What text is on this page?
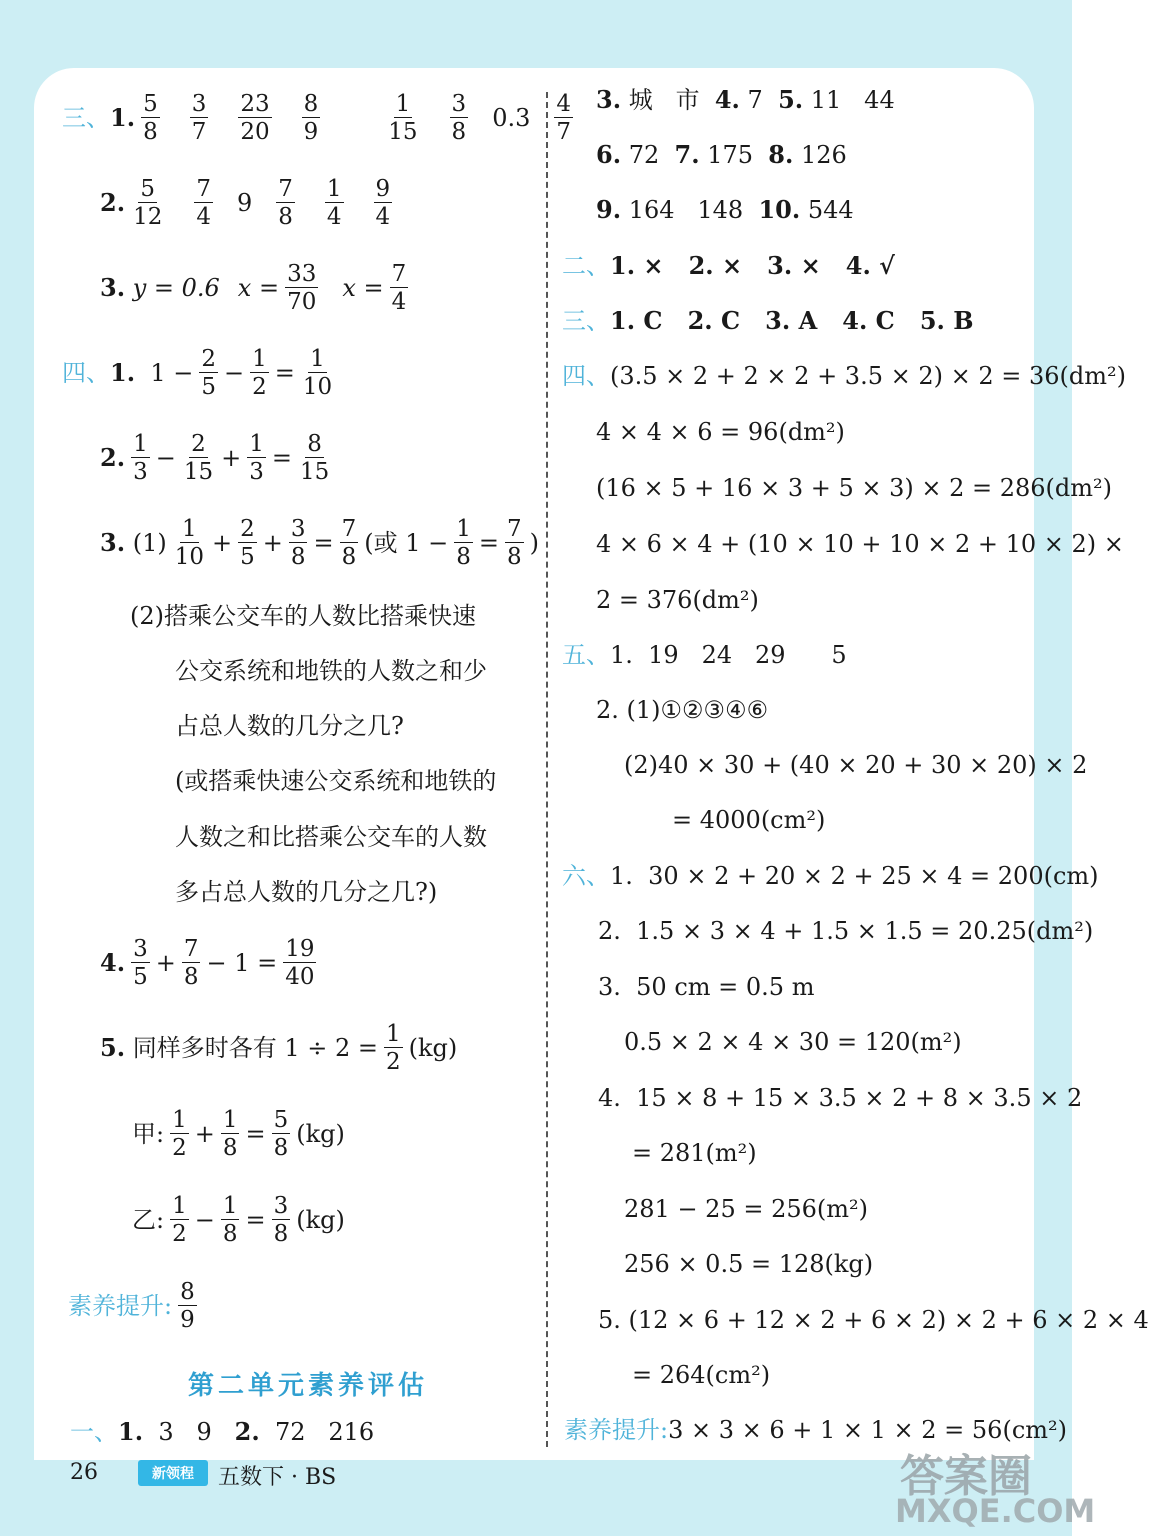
三、 1. 5
8
3
7
23
20
8
9
1
15
3
8 0.3
4
7
2. 5
12
7
4 9
7
8
1
4
9
4
3.
y = 0.6 $x = \frac{33}{70}$ $x = \frac{7}{4}$
四、 1.
$1 - \frac{2}{5} - \frac{1}{2} = \frac{1}{10}$
2. 1
$3 - \frac{2}{15} + \frac{1}{3} = \frac{8}{15}$
3.
(1)
1
$10 + \frac{2}{5} + \frac{3}{8} = \frac{7}{8}$ (或 $1 - \frac{1}{8} = \frac{7}{8}$ )
(2)搭乘公交车的人数比搭乘快速
公交系统和地铁的人数之和少
占总人数的几分之几?
(或搭乘快速公交系统和地铁的
人数之和比搭乘公交车的人数
多占总人数的几分之几?)
4. 3
$5 + \frac{7}{8} - 1 = \frac{19}{40}$
5.
同样多时各有 $1 \div 2 = \frac{1}{2} (kg)$
甲:
1
$2 + \frac{1}{8} = \frac{5}{8} (kg)$
乙:
1
$2 - \frac{1}{8} = \frac{3}{8} (kg)$
素养提升:
8
9
第二单元素养评估
一、 1.
3   9 2.
72   216
3. 城   市 4. 7 5. 11   44
6. 72 7. 175 8. 126
9. 164   148 10. 544
二、 1. ×   2. ×   3. ×   4. √
三、 1. C   2. C   3. A   4. C   5. B
四、 (3.5 × 2 + 2 × 2 + 3.5 × 2) × 2 = 36(dm²)
4 × 4 × 6 = 96(dm²)
(16 × 5 + 16 × 3 + 5 × 3) × 2 = 286(dm²)
4 × 6 × 4 + (10 × 10 + 10 × 2 + 10 × 2) ×
2 = 376(dm²)
五、 1.  19   24   29      5
2. (1)①②③④⑥
(2)40 × 30 + (40 × 20 + 30 × 20) × 2
= 4000(cm²)
六、 1.  30 × 2 + 20 × 2 + 25 × 4 = 200(cm)
2.  1.5 × 3 × 4 + 1.5 × 1.5 = 20.25(dm²)
3.  50 cm = 0.5 m
0.5 × 2 × 4 × 30 = 120(m²)
4.  15 × 8 + 15 × 3.5 × 2 + 8 × 3.5 × 2
= 281(m²)
281 − 25 = 256(m²)
256 × 0.5 = 128(kg)
5. (12 × 6 + 12 × 2 + 6 × 2) × 2 + 6 × 2 × 4
= 264(cm²)
素养提升: 3 × 3 × 6 + 1 × 1 × 2 = 56(cm²)
26	新领程	五数下 · BS	答案圈
MXQE.COM
